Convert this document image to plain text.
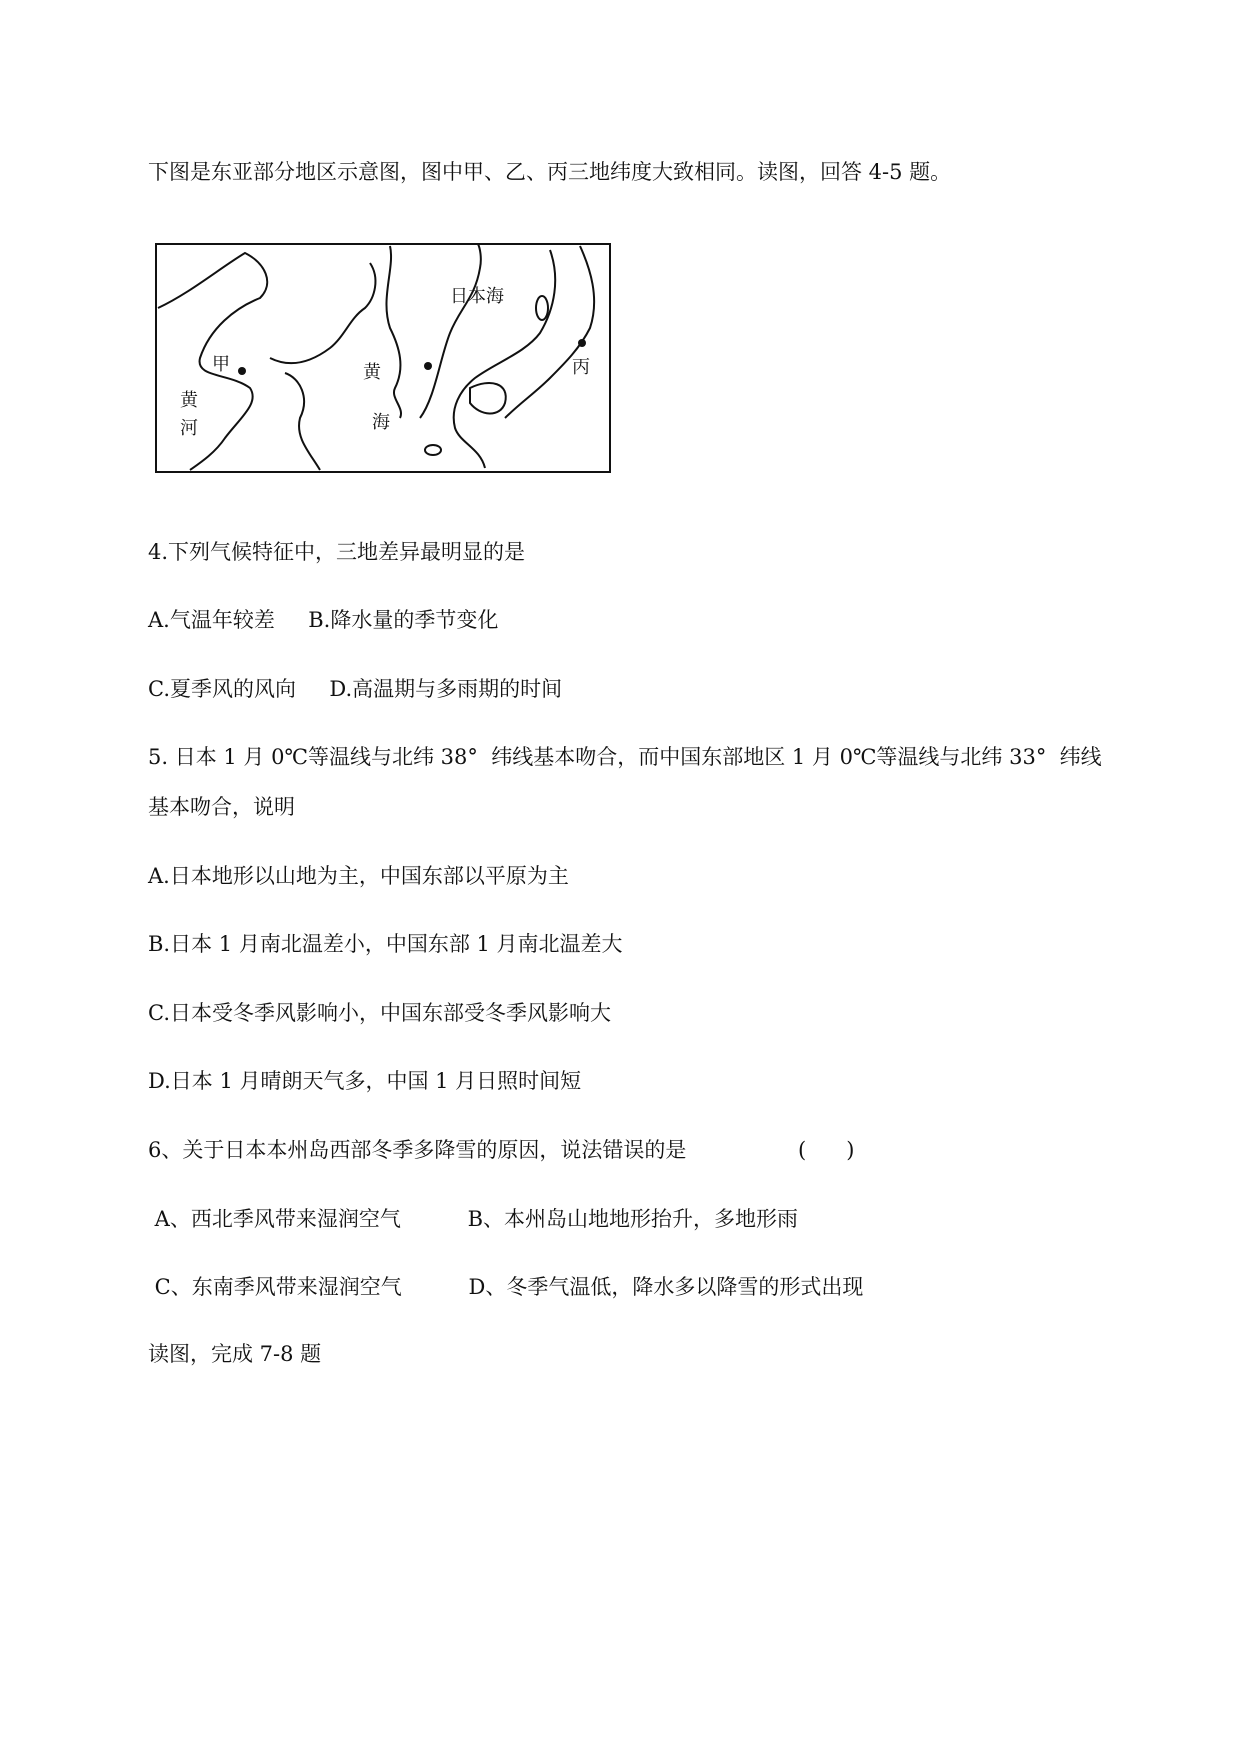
下图是东亚部分地区示意图，图中甲、乙、丙三地纬度大致相同。读图，回答 4-5 题。
甲
黄
河
黄
海
日本海
丙
4.下列气候特征中，三地差异最明显的是
A.气温年较差     B.降水量的季节变化
C.夏季风的风向     D.高温期与多雨期的时间
5. 日本 1 月 0℃等温线与北纬 38°  纬线基本吻合，而中国东部地区 1 月 0℃等温线与北纬 33°  纬线
基本吻合，说明
A.日本地形以山地为主，中国东部以平原为主
B.日本 1 月南北温差小，中国东部 1 月南北温差大
C.日本受冬季风影响小，中国东部受冬季风影响大
D.日本 1 月晴朗天气多，中国 1 月日照时间短
6、关于日本本州岛西部冬季多降雪的原因，说法错误的是	(      )
A、西北季风带来湿润空气          B、本州岛山地地形抬升，多地形雨
C、东南季风带来湿润空气          D、冬季气温低，降水多以降雪的形式出现
读图，完成 7-8 题
